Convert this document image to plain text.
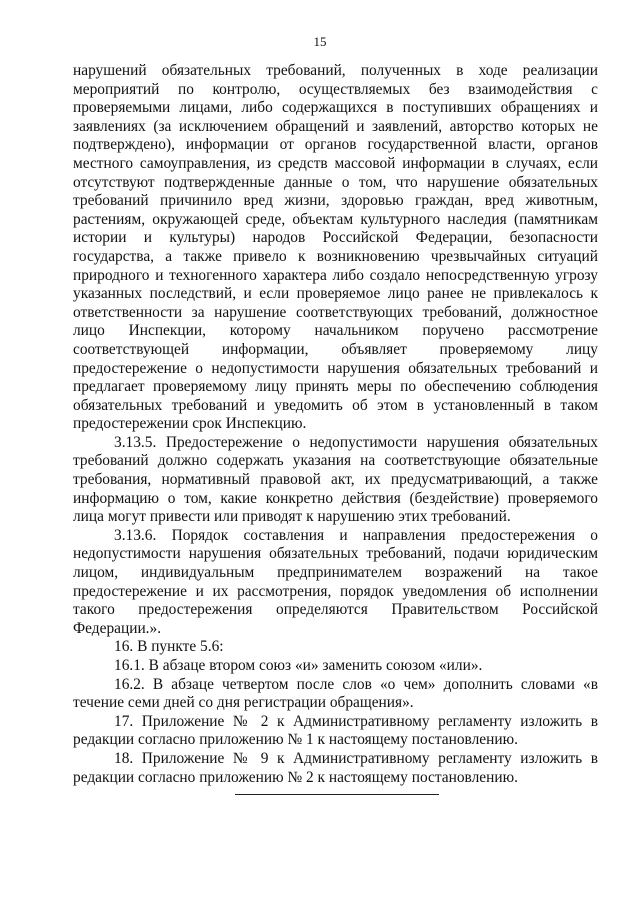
15

нарушений обязательных требований, полученных в ходе реализации мероприятий по контролю, осуществляемых без взаимодействия с проверяемыми лицами, либо содержащихся в поступивших обращениях и заявлениях (за исключением обращений и заявлений, авторство которых не подтверждено), информации от органов государственной власти, органов местного самоуправления, из средств массовой информации в случаях, если отсутствуют подтвержденные данные о том, что нарушение обязательных требований причинило вред жизни, здоровью граждан, вред животным, растениям, окружающей среде, объектам культурного наследия (памятникам истории и культуры) народов Российской Федерации, безопасности государства, а также привело к возникновению чрезвычайных ситуаций природного и техногенного характера либо создало непосредственную угрозу указанных последствий, и если проверяемое лицо ранее не привлекалось к ответственности за нарушение соответствующих требований, должностное лицо Инспекции, которому начальником поручено рассмотрение соответствующей информации, объявляет проверяемому лицу предостережение о недопустимости нарушения обязательных требований и предлагает проверяемому лицу принять меры по обеспечению соблюдения обязательных требований и уведомить об этом в установленный в таком предостережении срок Инспекцию.

3.13.5. Предостережение о недопустимости нарушения обязательных требований должно содержать указания на соответствующие обязательные требования, нормативный правовой акт, их предусматривающий, а также информацию о том, какие конкретно действия (бездействие) проверяемого лица могут привести или приводят к нарушению этих требований.

3.13.6. Порядок составления и направления предостережения о недопустимости нарушения обязательных требований, подачи юридическим лицом, индивидуальным предпринимателем возражений на такое предостережение и их рассмотрения, порядок уведомления об исполнении такого предостережения определяются Правительством Российской Федерации.».

16. В пункте 5.6:

16.1. В абзаце втором союз «и» заменить союзом «или».

16.2. В абзаце четвертом после слов «о чем» дополнить словами «в течение семи дней со дня регистрации обращения».

17. Приложение № 2 к Административному регламенту изложить в редакции согласно приложению № 1 к настоящему постановлению.

18. Приложение № 9 к Административному регламенту изложить в редакции согласно приложению № 2 к настоящему постановлению.
